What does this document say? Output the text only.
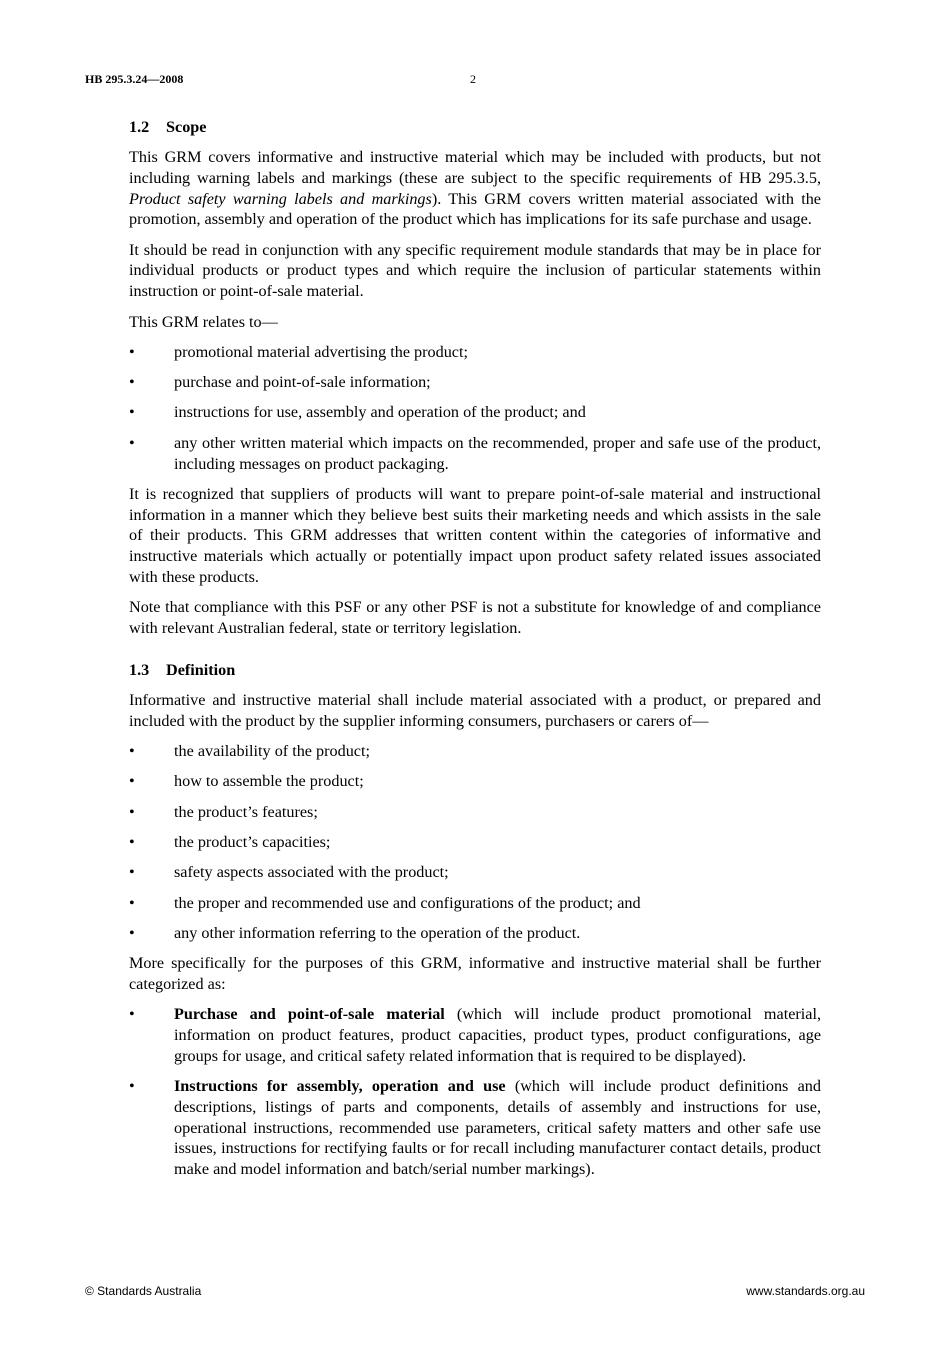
HB 295.3.24—2008	2
1.2 Scope

This GRM covers informative and instructive material which may be included with products, but not including warning labels and markings (these are subject to the specific requirements of HB 295.3.5, Product safety warning labels and markings). This GRM covers written material associated with the promotion, assembly and operation of the product which has implications for its safe purchase and usage.

It should be read in conjunction with any specific requirement module standards that may be in place for individual products or product types and which require the inclusion of particular statements within instruction or point-of-sale material.

This GRM relates to—

• promotional material advertising the product;
• purchase and point-of-sale information;
• instructions for use, assembly and operation of the product; and
• any other written material which impacts on the recommended, proper and safe use of the product, including messages on product packaging.

It is recognized that suppliers of products will want to prepare point-of-sale material and instructional information in a manner which they believe best suits their marketing needs and which assists in the sale of their products. This GRM addresses that written content within the categories of informative and instructive materials which actually or potentially impact upon product safety related issues associated with these products.

Note that compliance with this PSF or any other PSF is not a substitute for knowledge of and compliance with relevant Australian federal, state or territory legislation.

1.3 Definition

Informative and instructive material shall include material associated with a product, or prepared and included with the product by the supplier informing consumers, purchasers or carers of—

• the availability of the product;
• how to assemble the product;
• the product’s features;
• the product’s capacities;
• safety aspects associated with the product;
• the proper and recommended use and configurations of the product; and
• any other information referring to the operation of the product.

More specifically for the purposes of this GRM, informative and instructive material shall be further categorized as:

• Purchase and point-of-sale material (which will include product promotional material, information on product features, product capacities, product types, product configurations, age groups for usage, and critical safety related information that is required to be displayed).
• Instructions for assembly, operation and use (which will include product definitions and descriptions, listings of parts and components, details of assembly and instructions for use, operational instructions, recommended use parameters, critical safety matters and other safe use issues, instructions for rectifying faults or for recall including manufacturer contact details, product make and model information and batch/serial number markings).
© Standards Australia	www.standards.org.au
